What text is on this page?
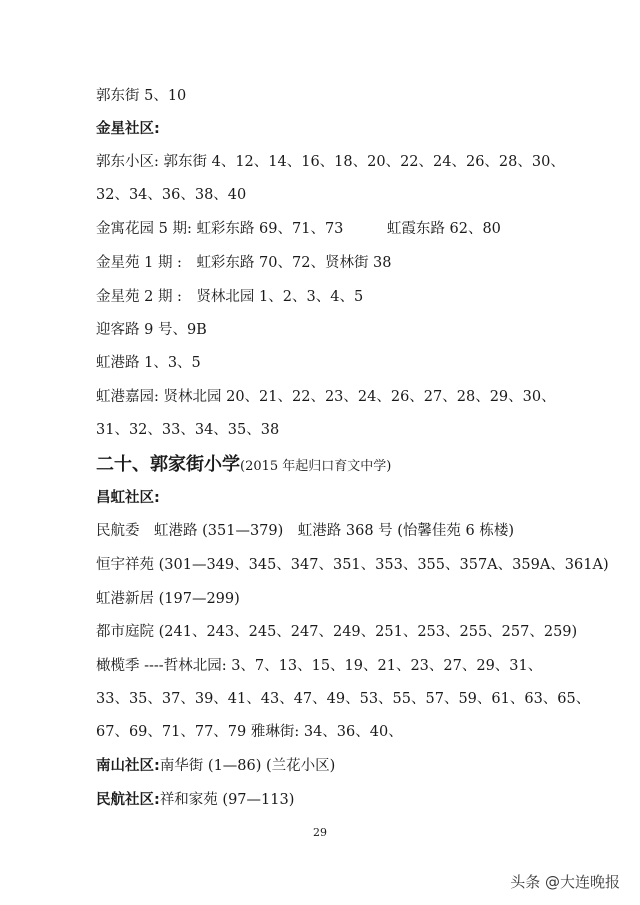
郭东街 5、10
金星社区:
郭东小区: 郭东街 4、12、14、16、18、20、22、24、26、28、30、
32、34、36、38、40
金寓花园 5 期: 虹彩东路 69、71、73　　　虹霞东路 62、80
金星苑 1 期 :　虹彩东路 70、72、贤林街 38
金星苑 2 期 :　贤林北园 1、2、3、4、5
迎客路 9 号、9B
虹港路 1、3、5
虹港嘉园: 贤林北园 20、21、22、23、24、26、27、28、29、30、
31、32、33、34、35、38
二十、郭家街小学(2015 年起归口育文中学)
昌虹社区:
民航委　虹港路 (351—379)　虹港路 368 号 (怡馨佳苑 6 栋楼)
恒宇祥苑 (301—349、345、347、351、353、355、357A、359A、361A)
虹港新居 (197—299)
都市庭院 (241、243、245、247、249、251、253、255、257、259)
橄榄季 ----哲林北园: 3、7、13、15、19、21、23、27、29、31、
33、35、37、39、41、43、47、49、53、55、57、59、61、63、65、
67、69、71、77、79 雅琳街: 34、36、40、
南山社区:南华街 (1—86) (兰花小区)
民航社区:祥和家苑 (97—113)
29
头条 @大连晚报
